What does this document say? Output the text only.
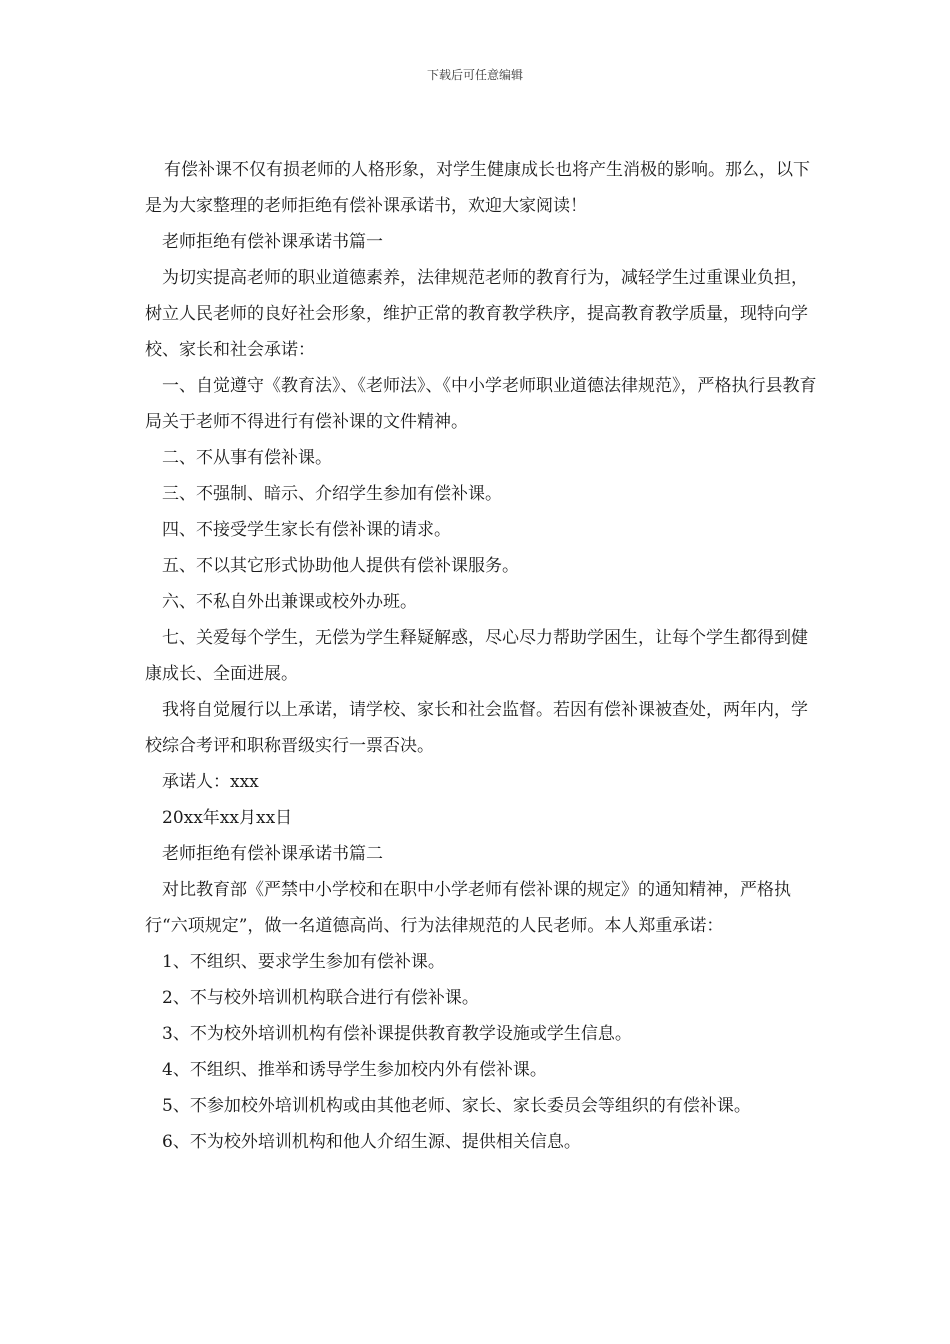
下载后可任意编辑

有偿补课不仅有损老师的人格形象，对学生健康成长也将产生消极的影响。那么，以下是为大家整理的老师拒绝有偿补课承诺书，欢迎大家阅读！

老师拒绝有偿补课承诺书篇一

为切实提高老师的职业道德素养，法律规范老师的教育行为，减轻学生过重课业负担，树立人民老师的良好社会形象，维护正常的教育教学秩序，提高教育教学质量，现特向学校、家长和社会承诺：

一、自觉遵守《教育法》、《老师法》、《中小学老师职业道德法律规范》，严格执行县教育局关于老师不得进行有偿补课的文件精神。

二、不从事有偿补课。

三、不强制、暗示、介绍学生参加有偿补课。

四、不接受学生家长有偿补课的请求。

五、不以其它形式协助他人提供有偿补课服务。

六、不私自外出兼课或校外办班。

七、关爱每个学生，无偿为学生释疑解惑，尽心尽力帮助学困生，让每个学生都得到健康成长、全面进展。

我将自觉履行以上承诺，请学校、家长和社会监督。若因有偿补课被查处，两年内，学校综合考评和职称晋级实行一票否决。

承诺人：xxx

20xx年xx月xx日

老师拒绝有偿补课承诺书篇二

对比教育部《严禁中小学校和在职中小学老师有偿补课的规定》的通知精神，严格执行“六项规定”，做一名道德高尚、行为法律规范的人民老师。本人郑重承诺：

1、不组织、要求学生参加有偿补课。

2、不与校外培训机构联合进行有偿补课。

3、不为校外培训机构有偿补课提供教育教学设施或学生信息。

4、不组织、推举和诱导学生参加校内外有偿补课。

5、不参加校外培训机构或由其他老师、家长、家长委员会等组织的有偿补课。

6、不为校外培训机构和他人介绍生源、提供相关信息。
